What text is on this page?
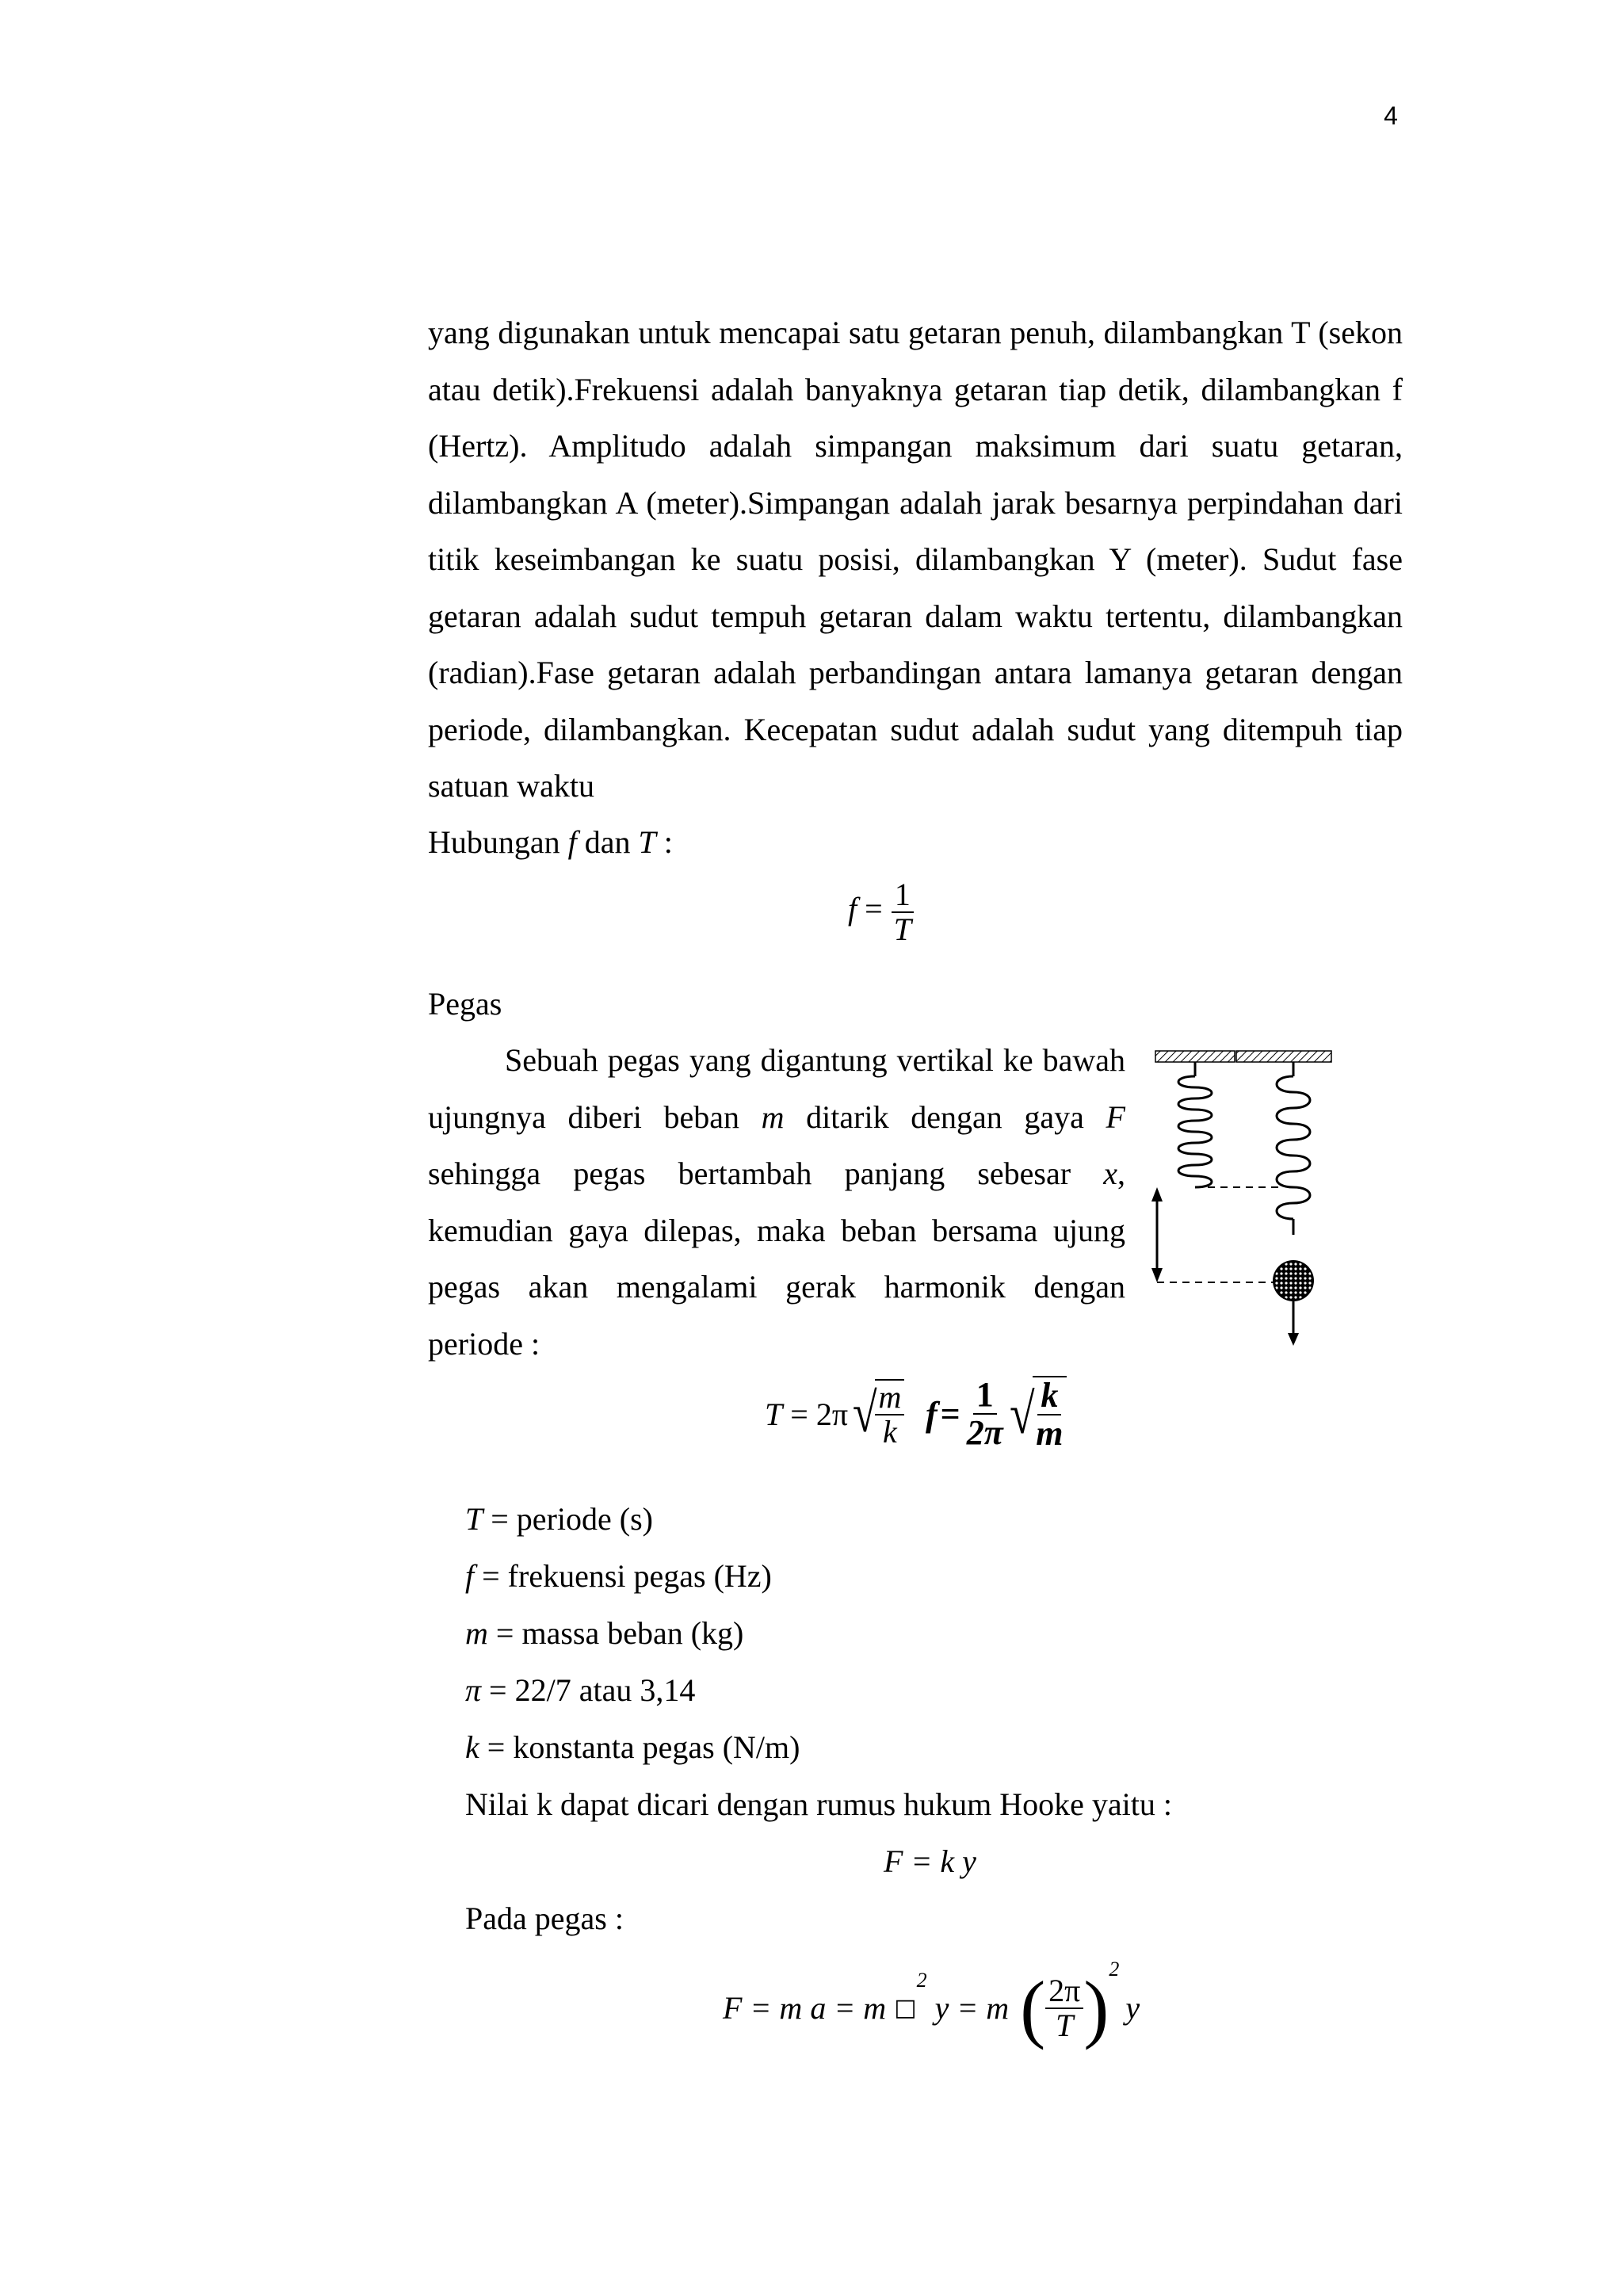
4

yang digunakan untuk mencapai satu getaran penuh, dilambangkan T (sekon atau detik).Frekuensi adalah banyaknya getaran tiap detik, dilambangkan f (Hertz). Amplitudo adalah simpangan maksimum dari suatu getaran, dilambangkan A (meter).Simpangan adalah jarak besarnya perpindahan dari titik keseimbangan ke suatu posisi, dilambangkan Y (meter). Sudut fase getaran adalah sudut tempuh getaran dalam waktu tertentu, dilambangkan (radian).Fase getaran adalah perbandingan antara lamanya getaran dengan periode, dilambangkan. Kecepatan sudut adalah sudut yang ditempuh tiap satuan waktu

Hubungan f dan T :

$f = \frac{1}{T}$

Pegas

Sebuah pegas yang digantung vertikal ke bawah ujungnya diberi beban m ditarik dengan gaya F sehingga pegas bertambah panjang sebesar x, kemudian gaya dilepas, maka beban bersama ujung pegas akan mengalami gerak harmonik dengan periode :

T = 2π √
$\frac{m}{k}$ $f = \frac{1}{2\pi}$ √
$\frac{k}{m}$

T = periode (s)

f = frekuensi pegas (Hz)

m = massa beban (kg)

π = 22/7 atau 3,14

k = konstanta pegas (N/m)

Nilai k dapat dicari dengan rumus hukum Hooke yaitu :

F = k y

Pada pegas :

F = m a = m □
2
y = m ( $\frac{2\pi}{T} )^2$
y
